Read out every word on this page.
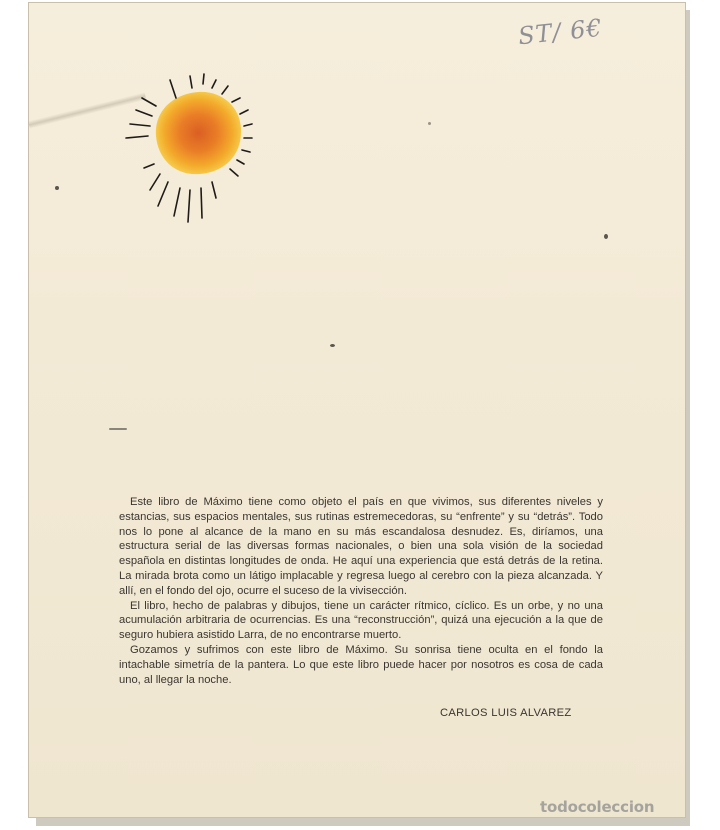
ST/ 6€

Este libro de Máximo tiene como objeto el país en que vivimos, sus diferentes niveles y estancias, sus espacios mentales, sus rutinas estremecedoras, su “enfrente” y su “detrás”. Todo nos lo pone al alcance de la mano en su más escandalosa desnudez. Es, diríamos, una estructura serial de las diversas formas nacionales, o bien una sola visión de la sociedad española en distintas longitudes de onda. He aquí una experiencia que está detrás de la retina. La mirada brota como un látigo implacable y regresa luego al cerebro con la pieza alcanzada. Y allí, en el fondo del ojo, ocurre el suceso de la vivisección.

El libro, hecho de palabras y dibujos, tiene un carácter rítmico, cíclico. Es un orbe, y no una acumulación arbitraria de ocurrencias. Es una “reconstrucción”, quizá una ejecución a la que de seguro hubiera asistido Larra, de no encontrarse muerto.

Gozamos y sufrimos con este libro de Máximo. Su sonrisa tiene oculta en el fondo la intachable simetría de la pantera. Lo que este libro puede hacer por nosotros es cosa de cada uno, al llegar la noche.

CARLOS LUIS ALVAREZ
todocoleccion
